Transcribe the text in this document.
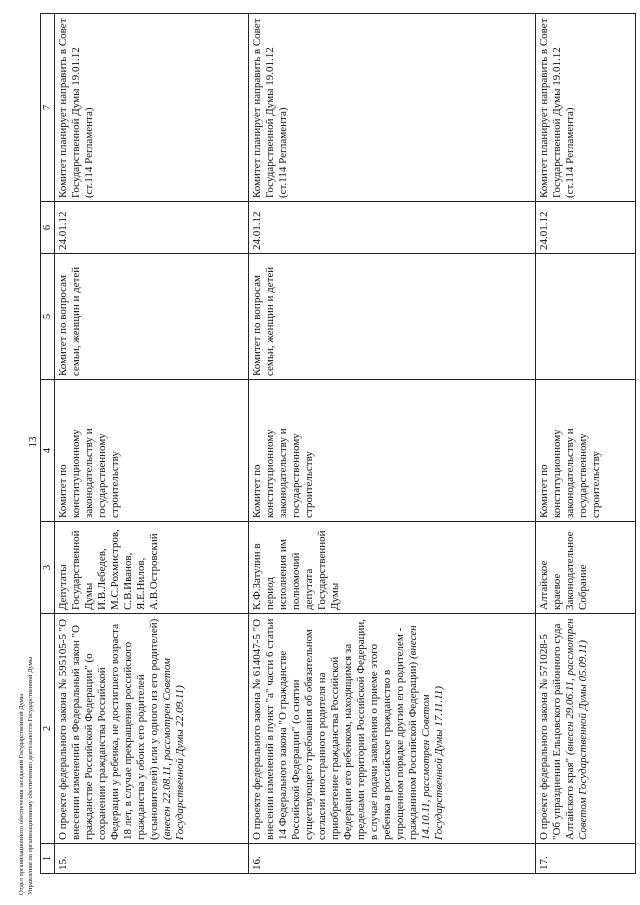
13
1	2	3	4	5	6	7
15.	О проекте федерального закона № 595105-5 "О внесении изменений в Федеральный закон "О гражданстве Российской Федерации" (о сохранении гражданства Российской Федерации у ребенка, не достигшего возраста 18 лет, в случае прекращения российского гражданства у обоих его родителей (усыновителей) или у одного из его родителей) (внесен 22.08.11, рассмотрен Советом Государственной Думы 22.09.11)	Депутаты Государственной Думы И.В.Лебедев, М.С.Рохмистров, С.В.Иванов, Я.Е.Нилов, А.В.Островский	Комитет по конституционному законодательству и государственному строительству	Комитет по вопросам семьи, женщин и детей	24.01.12	Комитет планирует направить в Совет Государственной Думы 19.01.12 (ст.114 Регламента)
16.	О проекте федерального закона № 614047-5 "О внесении изменений в пункт "а" части 6 статьи 14 Федерального закона "О гражданстве Российской Федерации" (о снятии существующего требования об обязательном согласии иностранного родителя на приобретение гражданства Российской Федерации его ребенком, находящимся за пределами территории Российской Федерации, в случае подачи заявления о приеме этого ребенка в российское гражданство в упрощенном порядке другим его родителем - гражданином Российской Федерации) (внесен 14.10.11, рассмотрен Советом Государственной Думы 17.11.11)	К.Ф.Затулин в период исполнения им полномочий депутата Государственной Думы	Комитет по конституционному законодательству и государственному строительству	Комитет по вопросам семьи, женщин и детей	24.01.12	Комитет планирует направить в Совет Государственной Думы 19.01.12 (ст.114 Регламента)
17.	О проекте федерального закона № 571028-5 "Об упразднении Ельцовского районного суда Алтайского края" (внесен 29.06.11, рассмотрен Советом Государственной Думы 05.09.11)	Алтайское краевое Законодательное Собрание	Комитет по конституционному законодательству и государственному строительству		24.01.12	Комитет планирует направить в Совет Государственной Думы 19.01.12 (ст.114 Регламента)
Отдел организационного обеспечения заседаний Государственной Думы Управления по организационному обеспечению деятельности Государственной Думы
